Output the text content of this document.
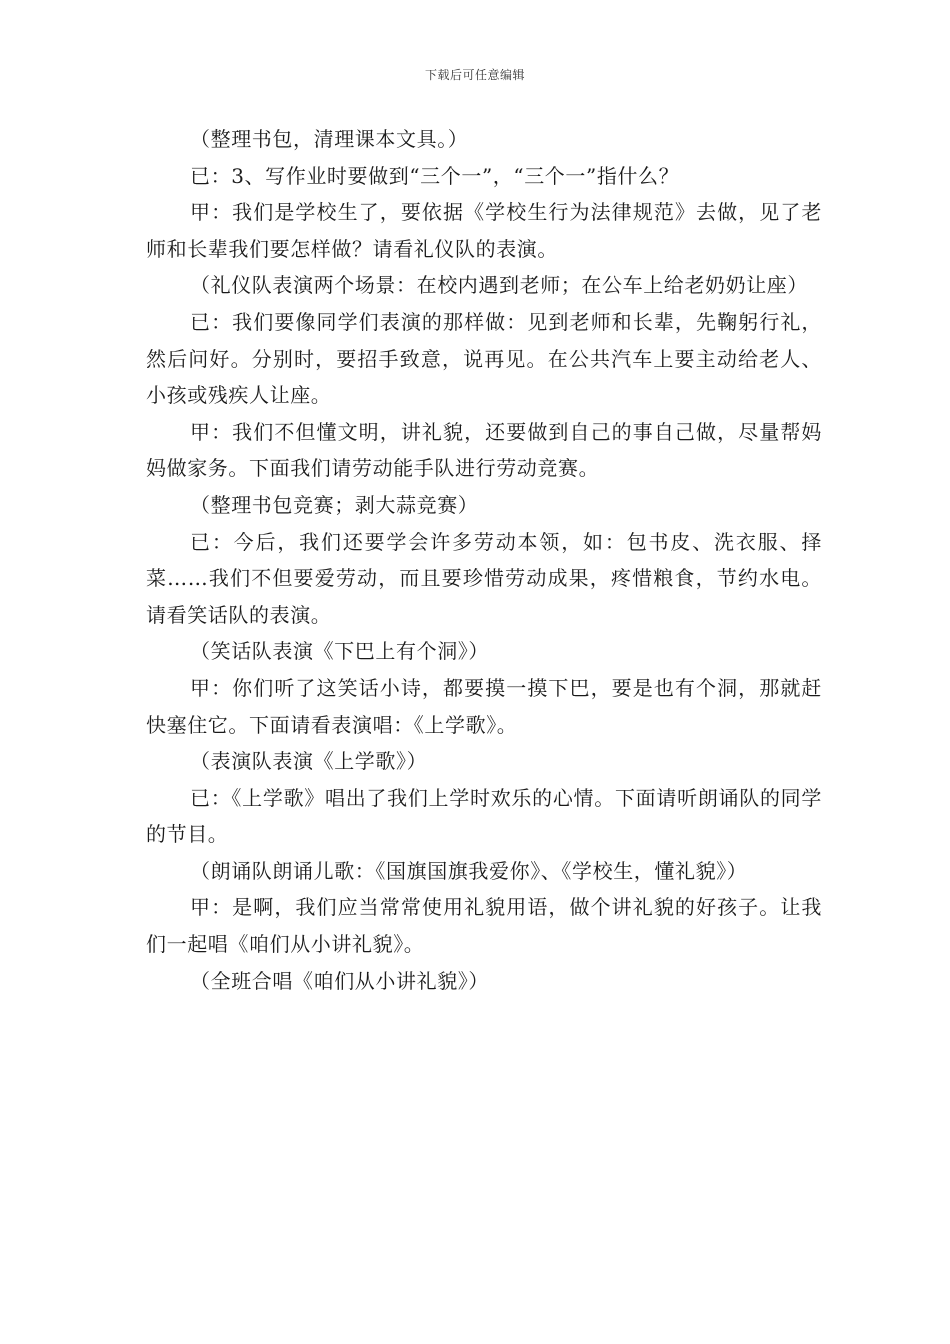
下载后可任意编辑

（整理书包，清理课本文具。）

已：3、写作业时要做到“三个一”，“三个一”指什么？

甲：我们是学校生了，要依据《学校生行为法律规范》去做，见了老师和长辈我们要怎样做？请看礼仪队的表演。

（礼仪队表演两个场景：在校内遇到老师；在公车上给老奶奶让座）

已：我们要像同学们表演的那样做：见到老师和长辈，先鞠躬行礼，然后问好。分别时，要招手致意，说再见。在公共汽车上要主动给老人、小孩或残疾人让座。

甲：我们不但懂文明，讲礼貌，还要做到自己的事自己做，尽量帮妈妈做家务。下面我们请劳动能手队进行劳动竞赛。

（整理书包竞赛；剥大蒜竞赛）

已：今后，我们还要学会许多劳动本领，如：包书皮、洗衣服、择菜……我们不但要爱劳动，而且要珍惜劳动成果，疼惜粮食，节约水电。请看笑话队的表演。

（笑话队表演《下巴上有个洞》）

甲：你们听了这笑话小诗，都要摸一摸下巴，要是也有个洞，那就赶快塞住它。下面请看表演唱：《上学歌》。

（表演队表演《上学歌》）

已：《上学歌》唱出了我们上学时欢乐的心情。下面请听朗诵队的同学的节目。

（朗诵队朗诵儿歌：《国旗国旗我爱你》、《学校生，懂礼貌》）

甲：是啊，我们应当常常使用礼貌用语，做个讲礼貌的好孩子。让我们一起唱《咱们从小讲礼貌》。

（全班合唱《咱们从小讲礼貌》）
